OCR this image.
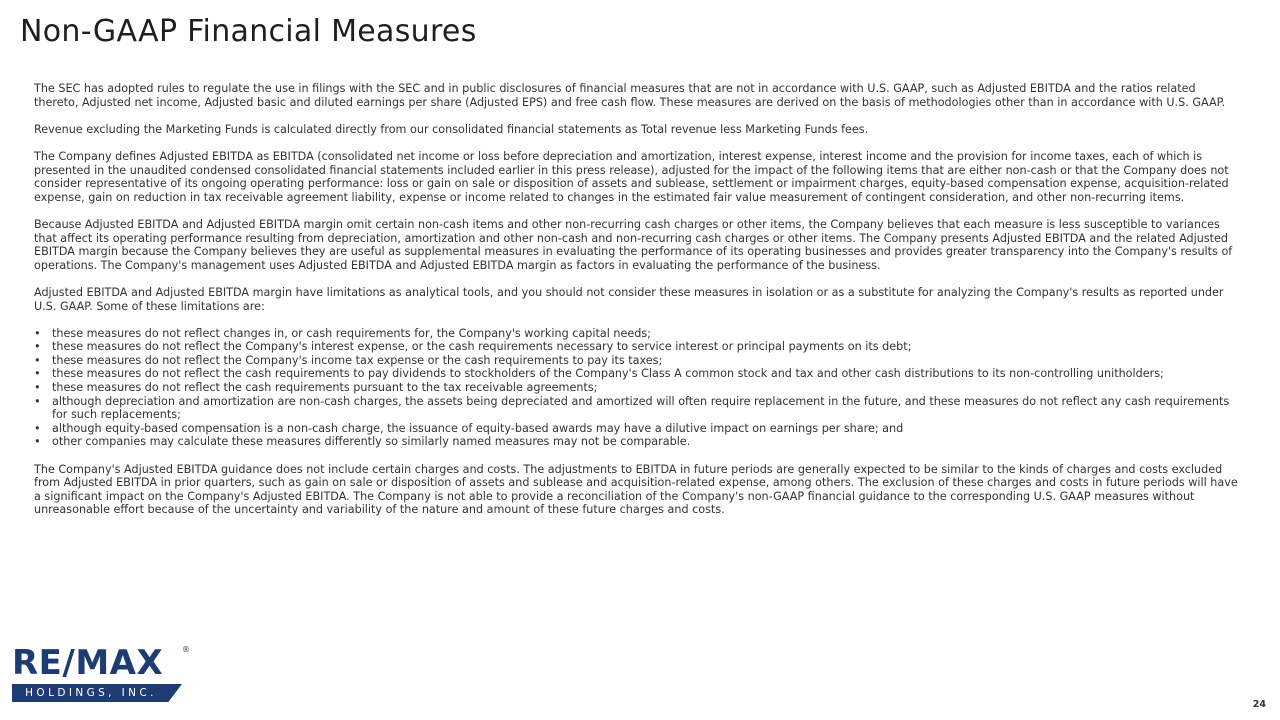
Non-GAAP Financial Measures

The SEC has adopted rules to regulate the use in filings with the SEC and in public disclosures of financial measures that are not in accordance with U.S. GAAP, such as Adjusted EBITDA and the ratios related thereto, Adjusted net income, Adjusted basic and diluted earnings per share (Adjusted EPS) and free cash flow. These measures are derived on the basis of methodologies other than in accordance with U.S. GAAP.

Revenue excluding the Marketing Funds is calculated directly from our consolidated financial statements as Total revenue less Marketing Funds fees.

The Company defines Adjusted EBITDA as EBITDA (consolidated net income or loss before depreciation and amortization, interest expense, interest income and the provision for income taxes, each of which is presented in the unaudited condensed consolidated financial statements included earlier in this press release), adjusted for the impact of the following items that are either non-cash or that the Company does not consider representative of its ongoing operating performance: loss or gain on sale or disposition of assets and sublease, settlement or impairment charges, equity-based compensation expense, acquisition-related expense, gain on reduction in tax receivable agreement liability, expense or income related to changes in the estimated fair value measurement of contingent consideration, and other non-recurring items.

Because Adjusted EBITDA and Adjusted EBITDA margin omit certain non-cash items and other non-recurring cash charges or other items, the Company believes that each measure is less susceptible to variances that affect its operating performance resulting from depreciation, amortization and other non-cash and non-recurring cash charges or other items. The Company presents Adjusted EBITDA and the related Adjusted EBITDA margin because the Company believes they are useful as supplemental measures in evaluating the performance of its operating businesses and provides greater transparency into the Company's results of operations. The Company's management uses Adjusted EBITDA and Adjusted EBITDA margin as factors in evaluating the performance of the business.

Adjusted EBITDA and Adjusted EBITDA margin have limitations as analytical tools, and you should not consider these measures in isolation or as a substitute for analyzing the Company's results as reported under U.S. GAAP. Some of these limitations are:

• these measures do not reflect changes in, or cash requirements for, the Company's working capital needs;
• these measures do not reflect the Company's interest expense, or the cash requirements necessary to service interest or principal payments on its debt;
• these measures do not reflect the Company's income tax expense or the cash requirements to pay its taxes;
• these measures do not reflect the cash requirements to pay dividends to stockholders of the Company's Class A common stock and tax and other cash distributions to its non-controlling unitholders;
• these measures do not reflect the cash requirements pursuant to the tax receivable agreements;
• although depreciation and amortization are non-cash charges, the assets being depreciated and amortized will often require replacement in the future, and these measures do not reflect any cash requirements for such replacements;
• although equity-based compensation is a non-cash charge, the issuance of equity-based awards may have a dilutive impact on earnings per share; and
• other companies may calculate these measures differently so similarly named measures may not be comparable.

The Company's Adjusted EBITDA guidance does not include certain charges and costs. The adjustments to EBITDA in future periods are generally expected to be similar to the kinds of charges and costs excluded from Adjusted EBITDA in prior quarters, such as gain on sale or disposition of assets and sublease and acquisition-related expense, among others. The exclusion of these charges and costs in future periods will have a significant impact on the Company's Adjusted EBITDA. The Company is not able to provide a reconciliation of the Company's non-GAAP financial guidance to the corresponding U.S. GAAP measures without unreasonable effort because of the uncertainty and variability of the nature and amount of these future charges and costs.

RE/MAX ®
HOLDINGS, INC.
24
